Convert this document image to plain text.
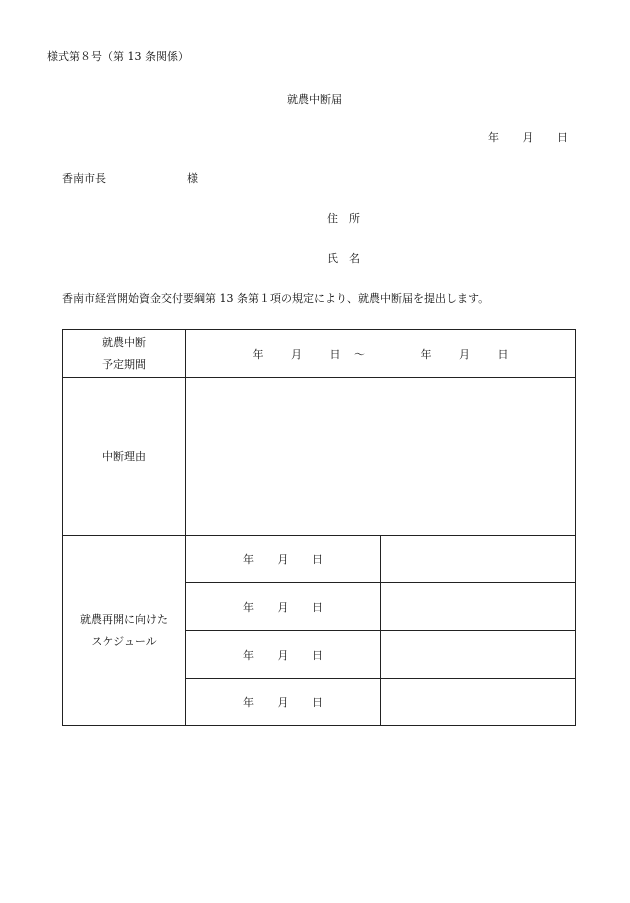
様式第８号（第 13 条関係）
就農中断届
年 月 日
香南市長	様
住　所
氏　名
香南市経営開始資金交付要綱第 13 条第１項の規定により、就農中断届を提出します。
就農中断
予定期間	年 月 日 ～ 年 月 日	
中断理由		

就農再開に向けた
スケジュール	年 月 日	
	年 月 日	
	年 月 日	
	年 月 日	
